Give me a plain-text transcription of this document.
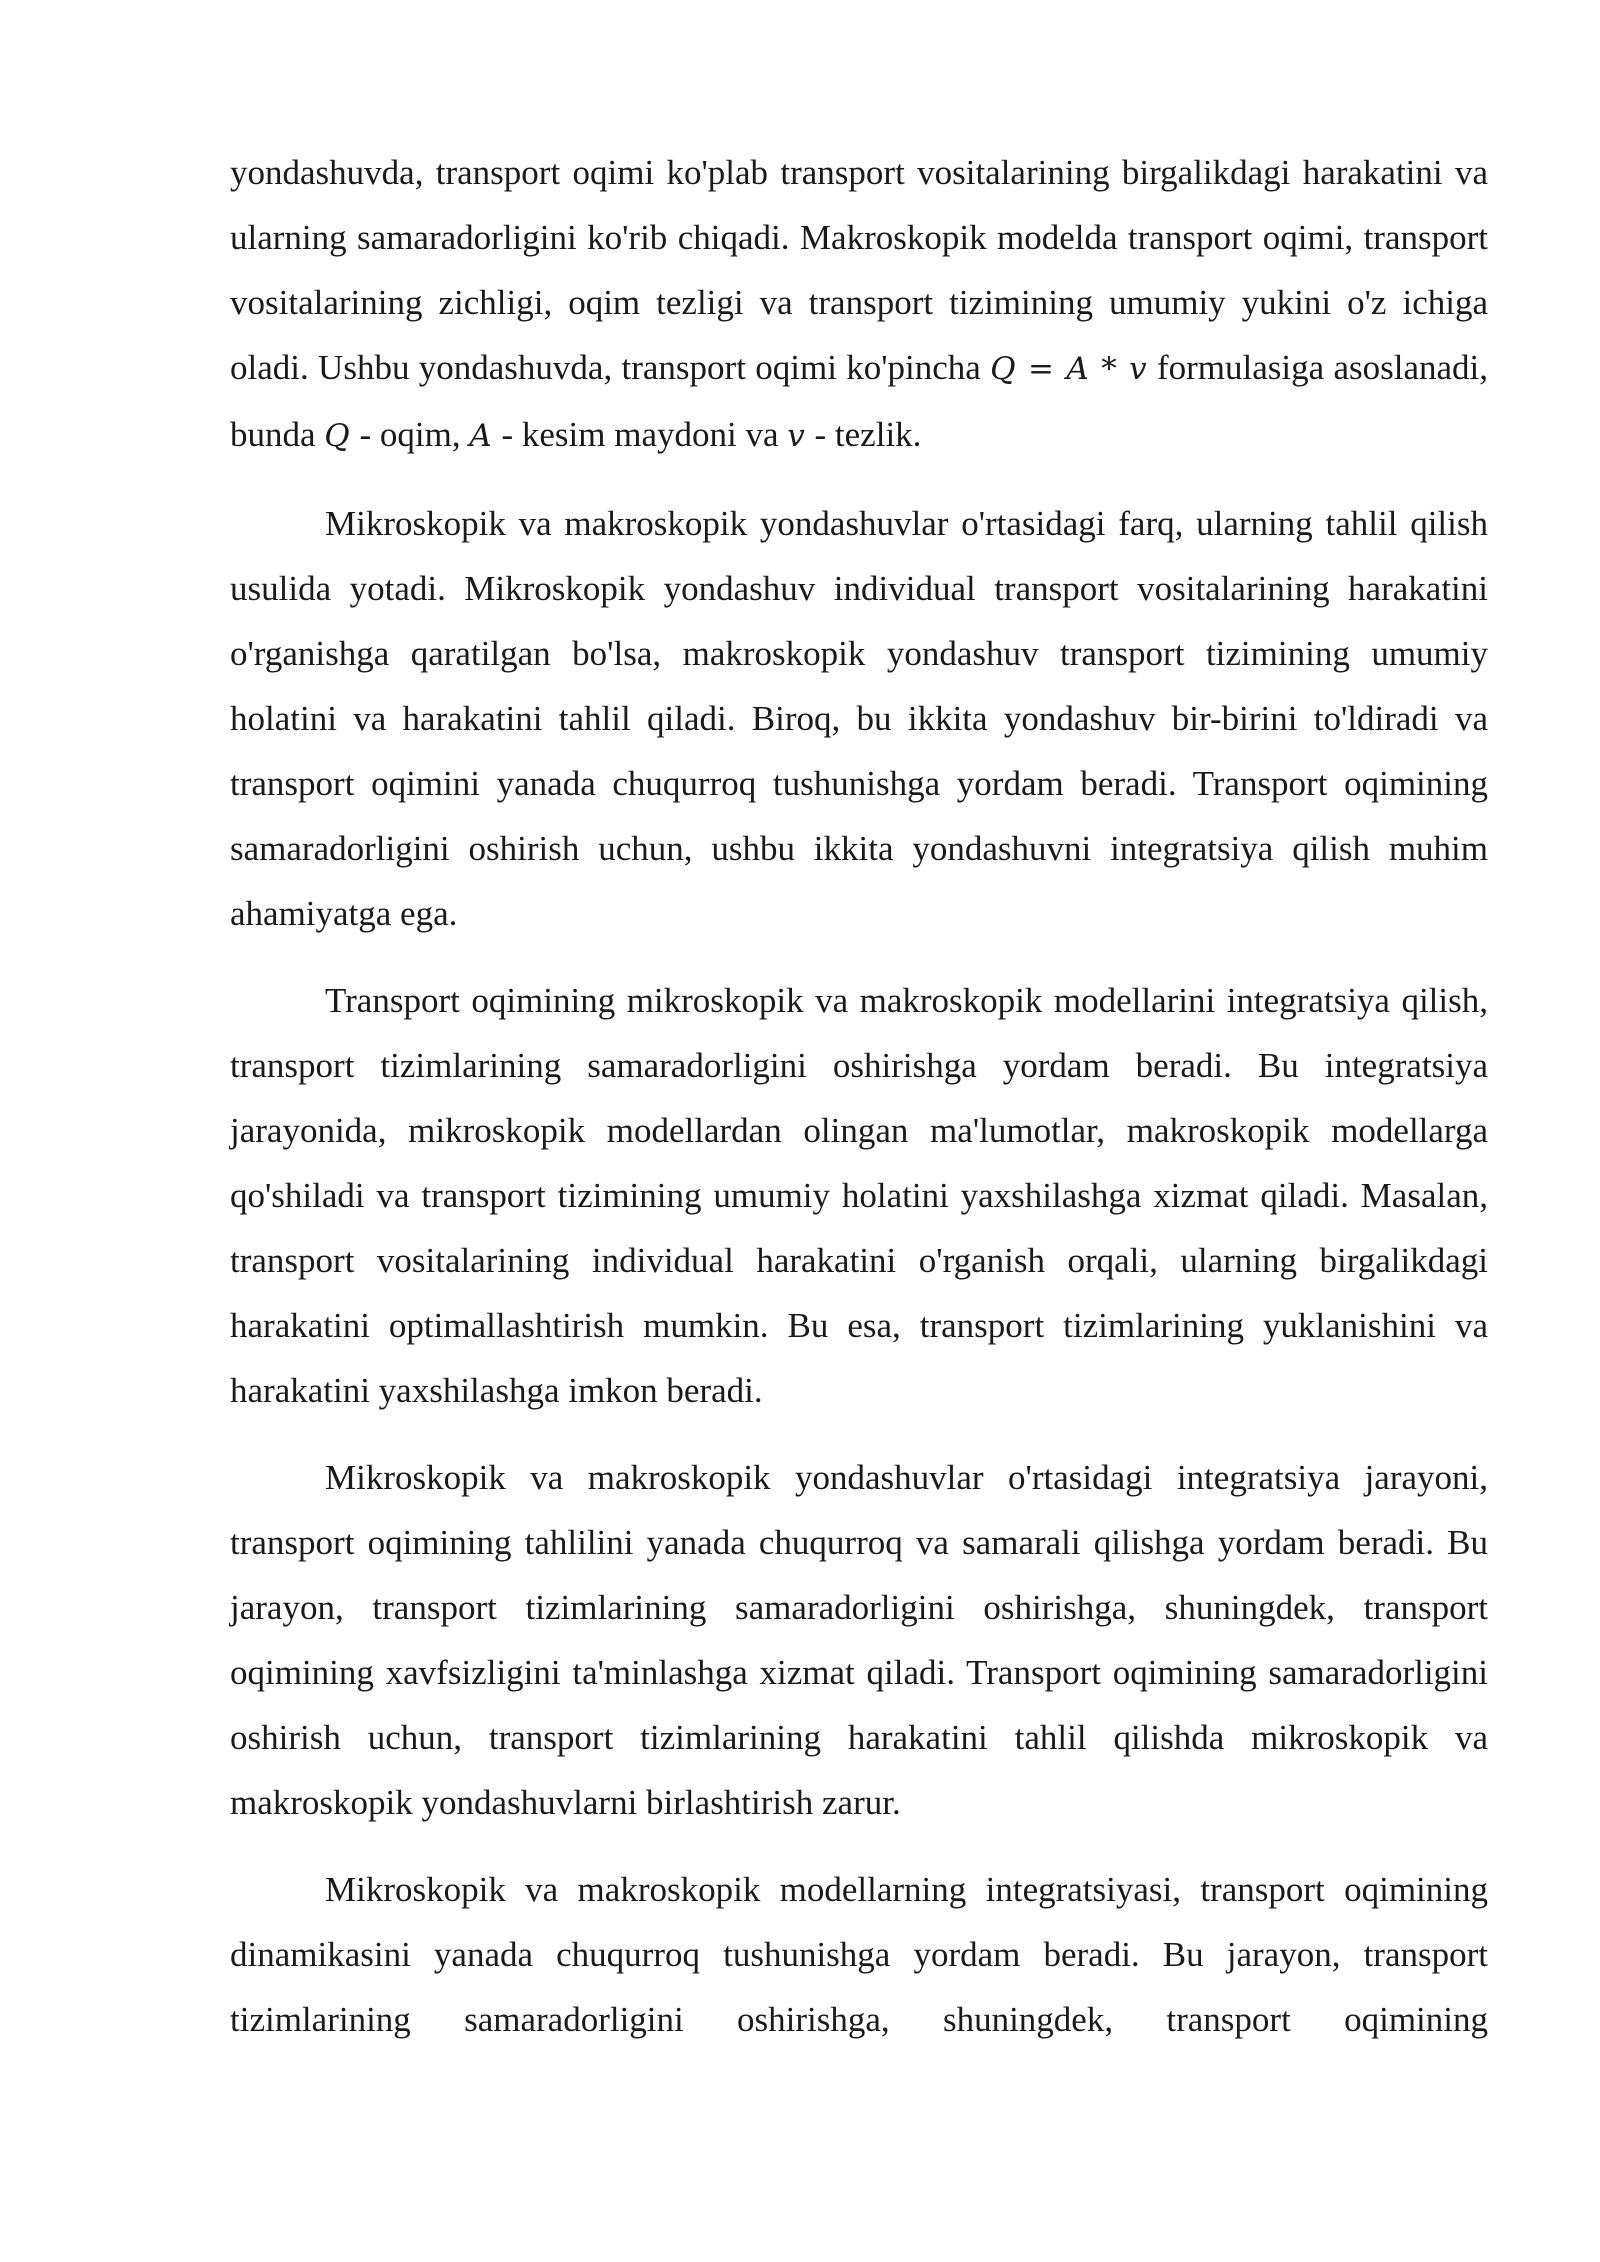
yondashuvda, transport oqimi ko'plab transport vositalarining birgalikdagi harakatini va ularning samaradorligini ko'rib chiqadi. Makroskopik modelda transport oqimi, transport vositalarining zichligi, oqim tezligi va transport tizimining umumiy yukini o'z ichiga oladi. Ushbu yondashuvda, transport oqimi ko'pincha Q = A * v formulasiga asoslanadi, bunda Q - oqim, A - kesim maydoni va v - tezlik.

Mikroskopik va makroskopik yondashuvlar o'rtasidagi farq, ularning tahlil qilish usulida yotadi. Mikroskopik yondashuv individual transport vositalarining harakatini o'rganishga qaratilgan bo'lsa, makroskopik yondashuv transport tizimining umumiy holatini va harakatini tahlil qiladi. Biroq, bu ikkita yondashuv bir-birini to'ldiradi va transport oqimini yanada chuqurroq tushunishga yordam beradi. Transport oqimining samaradorligini oshirish uchun, ushbu ikkita yondashuvni integratsiya qilish muhim ahamiyatga ega.

Transport oqimining mikroskopik va makroskopik modellarini integratsiya qilish, transport tizimlarining samaradorligini oshirishga yordam beradi. Bu integratsiya jarayonida, mikroskopik modellardan olingan ma'lumotlar, makroskopik modellarga qo'shiladi va transport tizimining umumiy holatini yaxshilashga xizmat qiladi. Masalan, transport vositalarining individual harakatini o'rganish orqali, ularning birgalikdagi harakatini optimallashtirish mumkin. Bu esa, transport tizimlarining yuklanishini va harakatini yaxshilashga imkon beradi.

Mikroskopik va makroskopik yondashuvlar o'rtasidagi integratsiya jarayoni, transport oqimining tahlilini yanada chuqurroq va samarali qilishga yordam beradi. Bu jarayon, transport tizimlarining samaradorligini oshirishga, shuningdek, transport oqimining xavfsizligini ta'minlashga xizmat qiladi. Transport oqimining samaradorligini oshirish uchun, transport tizimlarining harakatini tahlil qilishda mikroskopik va makroskopik yondashuvlarni birlashtirish zarur.

Mikroskopik va makroskopik modellarning integratsiyasi, transport oqimining dinamikasini yanada chuqurroq tushunishga yordam beradi. Bu jarayon, transport tizimlarining samaradorligini oshirishga, shuningdek, transport oqimining
